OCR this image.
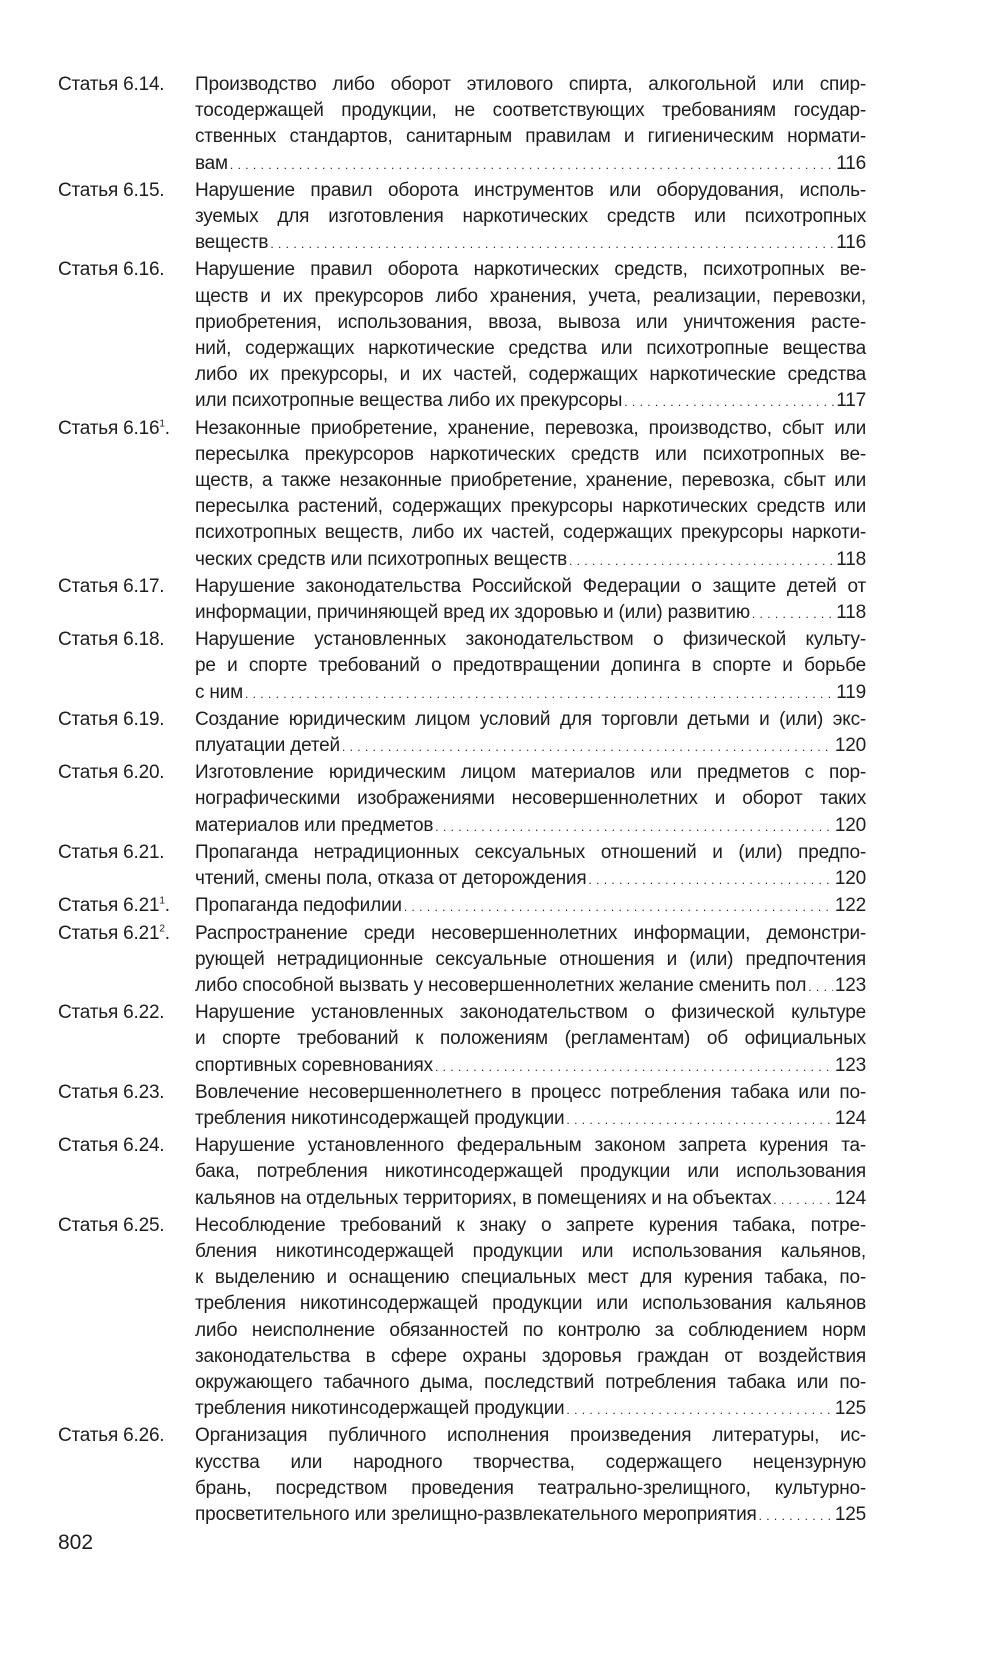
Статья 6.14.	Производство либо оборот этилового спирта, алкогольной или спир-
тосодержащей продукции, не соответствующих требованиям государ-
ственных стандартов, санитарным правилам и гигиеническим нормати-
вам . . .	116
Статья 6.15.	Нарушение правил оборота инструментов или оборудования, исполь-
зуемых для изготовления наркотических средств или психотропных
веществ . . .	116
Статья 6.16.	Нарушение правил оборота наркотических средств, психотропных ве-
ществ и их прекурсоров либо хранения, учета, реализации, перевозки,
приобретения, использования, ввоза, вывоза или уничтожения расте-
ний, содержащих наркотические средства или психотропные вещества
либо их прекурсоры, и их частей, содержащих наркотические средства
или психотропные вещества либо их прекурсоры . . .	117
Статья 6.16$^1$.	Незаконные приобретение, хранение, перевозка, производство, сбыт или
пересылка прекурсоров наркотических средств или психотропных ве-
ществ, а также незаконные приобретение, хранение, перевозка, сбыт или
пересылка растений, содержащих прекурсоры наркотических средств или
психотропных веществ, либо их частей, содержащих прекурсоры наркоти-
ческих средств или психотропных веществ . . .	118
Статья 6.17.	Нарушение законодательства Российской Федерации о защите детей от
информации, причиняющей вред их здоровью и (или) развитию . . .	118
Статья 6.18.	Нарушение установленных законодательством о физической культу-
ре и спорте требований о предотвращении допинга в спорте и борьбе
с ним . . .	119
Статья 6.19.	Создание юридическим лицом условий для торговли детьми и (или) экс-
плуатации детей . . .	120
Статья 6.20.	Изготовление юридическим лицом материалов или предметов с пор-
нографическими изображениями несовершеннолетних и оборот таких
материалов или предметов . . .	120
Статья 6.21.	Пропаганда нетрадиционных сексуальных отношений и (или) предпо-
чтений, смены пола, отказа от деторождения . . .	120
Статья 6.21$^1$.	Пропаганда педофилии . . .	122
Статья 6.21$^2$.	Распространение среди несовершеннолетних информации, демонстри-
рующей нетрадиционные сексуальные отношения и (или) предпочтения
либо способной вызвать у несовершеннолетних желание сменить пол . . . 123
Статья 6.22.	Нарушение установленных законодательством о физической культуре
и спорте требований к положениям (регламентам) об официальных
спортивных соревнованиях . . .	123
Статья 6.23.	Вовлечение несовершеннолетнего в процесс потребления табака или по-
требления никотинсодержащей продукции . . .	124
Статья 6.24.	Нарушение установленного федеральным законом запрета курения та-
бака, потребления никотинсодержащей продукции или использования
кальянов на отдельных территориях, в помещениях и на объектах . . .	124
Статья 6.25.	Несоблюдение требований к знаку о запрете курения табака, потре-
бления никотинсодержащей продукции или использования кальянов,
к выделению и оснащению специальных мест для курения табака, по-
требления никотинсодержащей продукции или использования кальянов
либо неисполнение обязанностей по контролю за соблюдением норм
законодательства в сфере охраны здоровья граждан от воздействия
окружающего табачного дыма, последствий потребления табака или по-
требления никотинсодержащей продукции . . .	125
Статья 6.26.	Организация публичного исполнения произведения литературы, ис-
кусства или народного творчества, содержащего нецензурную
брань, посредством проведения театрально-зрелищного, культурно-
просветительного или зрелищно-развлекательного мероприятия . . .	125
802
